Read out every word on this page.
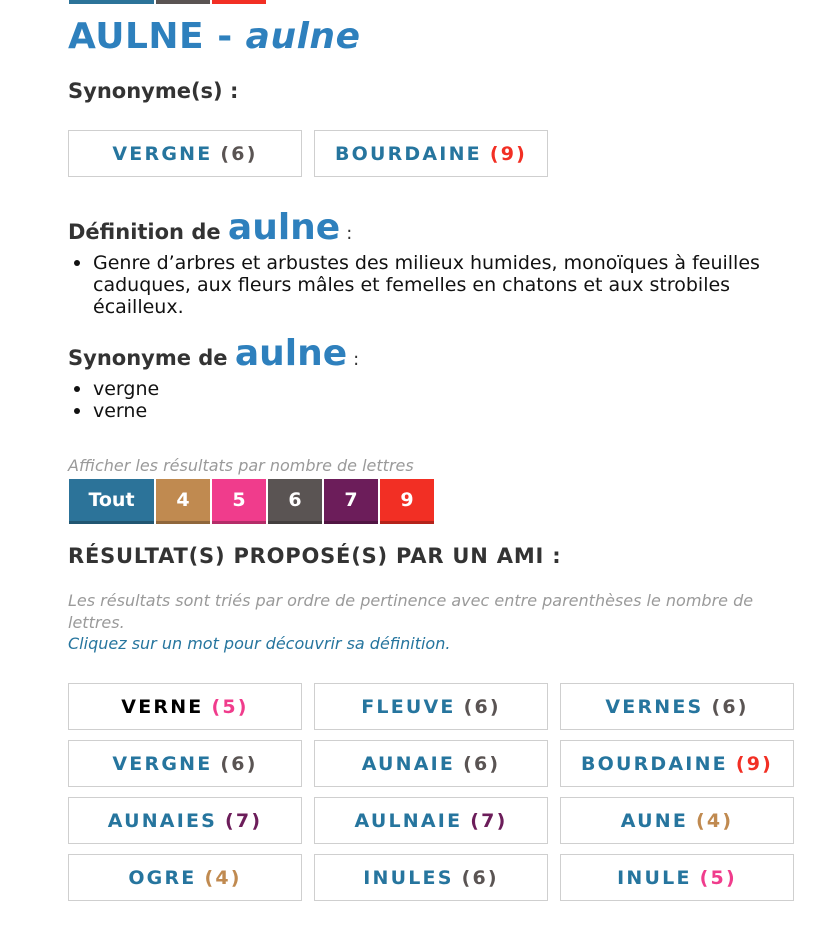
AULNE - aulne
Synonyme(s) :
VERGNE (6)	BOURDAINE (9)
Définition de aulne :
Genre d’arbres et arbustes des milieux humides, monoïques à feuilles caduques, aux fleurs mâles et femelles en chatons et aux strobiles écailleux.
Synonyme de aulne :
vergne
verne
Afficher les résultats par nombre de lettres
Tout	4	5	6	7	9
RÉSULTAT(S) PROPOSÉ(S) PAR UN AMI :

Les résultats sont triés par ordre de pertinence avec entre parenthèses le nombre de lettres.

Cliquez sur un mot pour découvrir sa définition.

VERNE (5)	FLEUVE (6)	VERNES (6)
VERGNE (6)	AUNAIE (6)	BOURDAINE (9)
AUNAIES (7)	AULNAIE (7)	AUNE (4)
OGRE (4)	INULES (6)	INULE (5)
